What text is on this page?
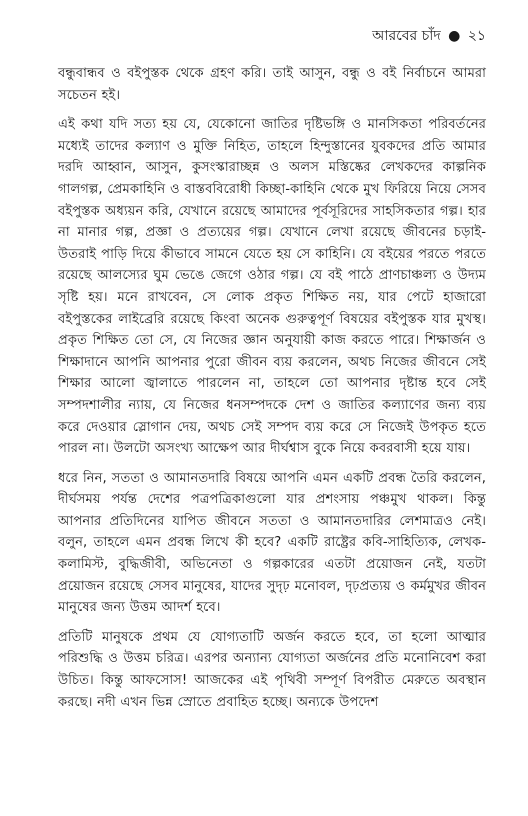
আরবের চাঁদ ● ২১

বন্ধুবান্ধব ও বইপুস্তক থেকে গ্রহণ করি। তাই আসুন, বন্ধু ও বই নির্বাচনে আমরা সচেতন হই।

এই কথা যদি সত্য হয় যে, যেকোনো জাতির দৃষ্টিভঙ্গি ও মানসিকতা পরিবর্তনের মধ্যেই তাদের কল্যাণ ও মুক্তি নিহিত, তাহলে হিন্দুস্তানের যুবকদের প্রতি আমার দরদি আহ্বান, আসুন, কুসংস্কারাচ্ছন্ন ও অলস মস্তিষ্কের লেখকদের কাল্পনিক গালগল্প, প্রেমকাহিনি ও বাস্তববিরোধী কিচ্ছা-কাহিনি থেকে মুখ ফিরিয়ে নিয়ে সেসব বইপুস্তক অধ্যয়ন করি, যেখানে রয়েছে আমাদের পূর্বসূরিদের সাহসিকতার গল্প। হার না মানার গল্প, প্রজ্ঞা ও প্রত্যয়ের গল্প। যেখানে লেখা রয়েছে জীবনের চড়াই-উতরাই পাড়ি দিয়ে কীভাবে সামনে যেতে হয় সে কাহিনি। যে বইয়ের পরতে পরতে রয়েছে আলস্যের ঘুম ভেঙে জেগে ওঠার গল্প। যে বই পাঠে প্রাণচাঞ্চল্য ও উদ্যম সৃষ্টি হয়। মনে রাখবেন, সে লোক প্রকৃত শিক্ষিত নয়, যার পেটে হাজারো বইপুস্তকের লাইব্রেরি রয়েছে কিংবা অনেক গুরুত্বপূর্ণ বিষয়ের বইপুস্তক যার মুখস্থ। প্রকৃত শিক্ষিত তো সে, যে নিজের জ্ঞান অনুযায়ী কাজ করতে পারে। শিক্ষার্জন ও শিক্ষাদানে আপনি আপনার পুরো জীবন ব্যয় করলেন, অথচ নিজের জীবনে সেই শিক্ষার আলো জ্বালাতে পারলেন না, তাহলে তো আপনার দৃষ্টান্ত হবে সেই সম্পদশালীর ন্যায়, যে নিজের ধনসম্পদকে দেশ ও জাতির কল্যাণের জন্য ব্যয় করে দেওয়ার স্লোগান দেয়, অথচ সেই সম্পদ ব্যয় করে সে নিজেই উপকৃত হতে পারল না। উলটো অসংখ্য আক্ষেপ আর দীর্ঘশ্বাস বুকে নিয়ে কবরবাসী হয়ে যায়।

ধরে নিন, সততা ও আমানতদারি বিষয়ে আপনি এমন একটি প্রবন্ধ তৈরি করলেন, দীর্ঘসময় পর্যন্ত দেশের পত্রপত্রিকাগুলো যার প্রশংসায় পঞ্চমুখ থাকল। কিন্তু আপনার প্রতিদিনের যাপিত জীবনে সততা ও আমানতদারির লেশমাত্রও নেই। বলুন, তাহলে এমন প্রবন্ধ লিখে কী হবে? একটি রাষ্ট্রের কবি-সাহিত্যিক, লেখক-কলামিস্ট, বুদ্ধিজীবী, অভিনেতা ও গল্পকারের এতটা প্রয়োজন নেই, যতটা প্রয়োজন রয়েছে সেসব মানুষের, যাদের সুদৃঢ় মনোবল, দৃঢ়প্রত্যয় ও কর্মমুখর জীবন মানুষের জন্য উত্তম আদর্শ হবে।

প্রতিটি মানুষকে প্রথম যে যোগ্যতাটি অর্জন করতে হবে, তা হলো আত্মার পরিশুদ্ধি ও উত্তম চরিত্র। এরপর অন্যান্য যোগ্যতা অর্জনের প্রতি মনোনিবেশ করা উচিত। কিন্তু আফসোস! আজকের এই পৃথিবী সম্পূর্ণ বিপরীত মেরুতে অবস্থান করছে। নদী এখন ভিন্ন স্রোতে প্রবাহিত হচ্ছে। অন্যকে উপদেশ
